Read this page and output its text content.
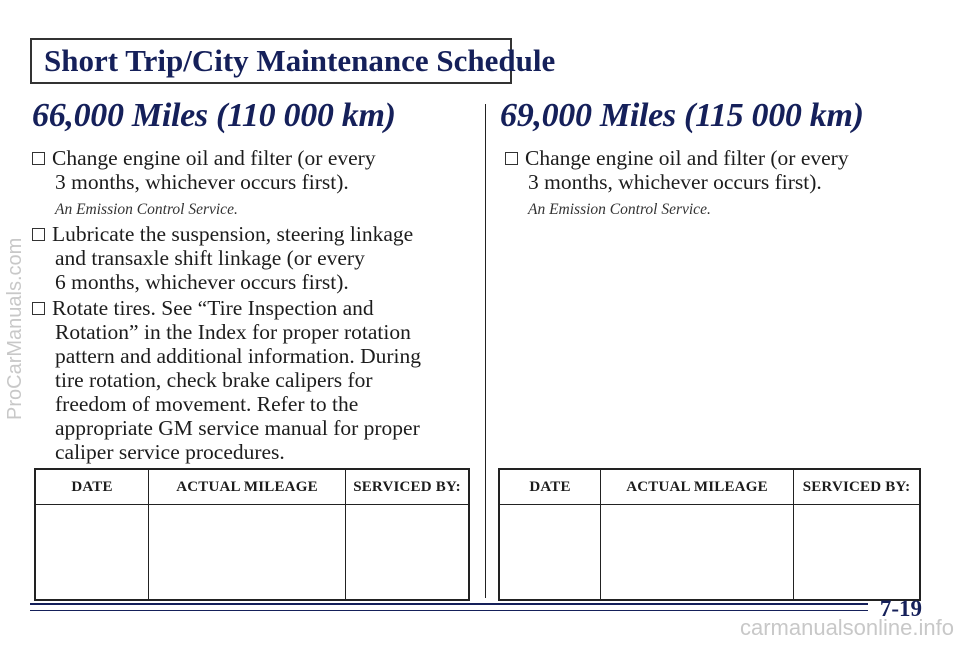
Short Trip/City Maintenance Schedule
66,000 Miles (110 000 km)
Change engine oil and filter (or every
3 months, whichever occurs first).
An Emission Control Service.
Lubricate the suspension, steering linkage
and transaxle shift linkage (or every
6 months, whichever occurs first).
Rotate tires. See “Tire Inspection and
Rotation” in the Index for proper rotation
pattern and additional information. During
tire rotation, check brake calipers for
freedom of movement. Refer to the
appropriate GM service manual for proper
caliper service procedures.
DATE	ACTUAL MILEAGE	SERVICED BY:

69,000 Miles (115 000 km)
Change engine oil and filter (or every
3 months, whichever occurs first).
An Emission Control Service.
DATE	ACTUAL MILEAGE	SERVICED BY:

7-19
ProCarManuals.com
carmanualsonline.info
